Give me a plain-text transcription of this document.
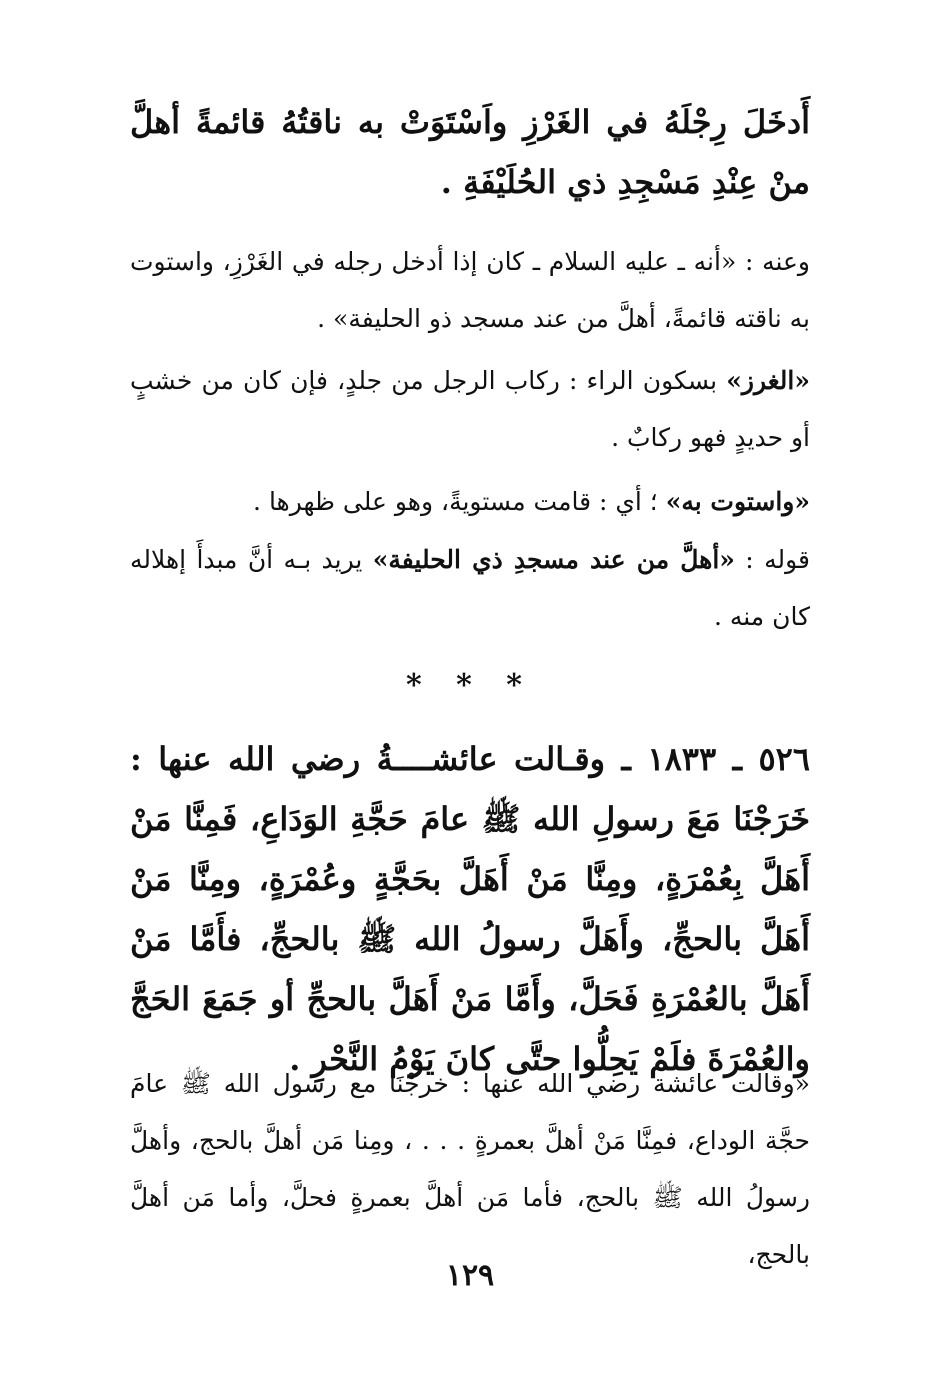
أَدخَلَ رِجْلَهُ في الغَرْزِ واَسْتَوَتْ به ناقتُهُ قائمةً أهلَّ منْ عِنْدِ مَسْجِدِ ذي الحُلَيْفَةِ .

وعنه : «أنه ـ عليه السلام ـ كان إذا أدخل رجله في الغَرْزِ، واستوت به ناقته قائمةً، أهلَّ من عند مسجد ذو الحليفة» .

«الغرز» بسكون الراء : ركاب الرجل من جلدٍ، فإن كان من خشبٍ أو حديدٍ فهو ركابٌ .

«واستوت به» ؛ أي : قامت مستويةً، وهو على ظهرها .

قوله : «أهلَّ من عند مسجدِ ذي الحليفة» يريد بـه أنَّ مبدأَ إهلاله كان منه .

* * *

٥٢٦ ـ ١٨٣٣ ـ وقـالت عائشــــةُ رضي الله عنها : خَرَجْنَا مَعَ رسولِ الله ﷺ عامَ حَجَّةِ الوَدَاعِ، فَمِنَّا مَنْ أَهَلَّ بِعُمْرَةٍ، ومِنَّا مَنْ أَهَلَّ بحَجَّةٍ وعُمْرَةٍ، ومِنَّا مَنْ أَهَلَّ بالحجِّ، وأَهَلَّ رسولُ الله ﷺ بالحجِّ، فأَمَّا مَنْ أَهَلَّ بالعُمْرَةِ فَحَلَّ، وأَمَّا مَنْ أَهَلَّ بالحجِّ أو جَمَعَ الحَجَّ والعُمْرَةَ فلَمْ يَحِلُّوا حتَّى كانَ يَوْمُ النَّحْرِ .

«وقالت عائشة رضي الله عنها : خرجْنَا مع رسول الله ﷺ عامَ حجَّة الوداع، فمِنَّا مَنْ أهلَّ بعمرةٍ . . . ، ومِنا مَن أهلَّ بالحج، وأهلَّ رسولُ الله ﷺ بالحج، فأما مَن أهلَّ بعمرةٍ فحلَّ، وأما مَن أهلَّ بالحج،

١٢٩
